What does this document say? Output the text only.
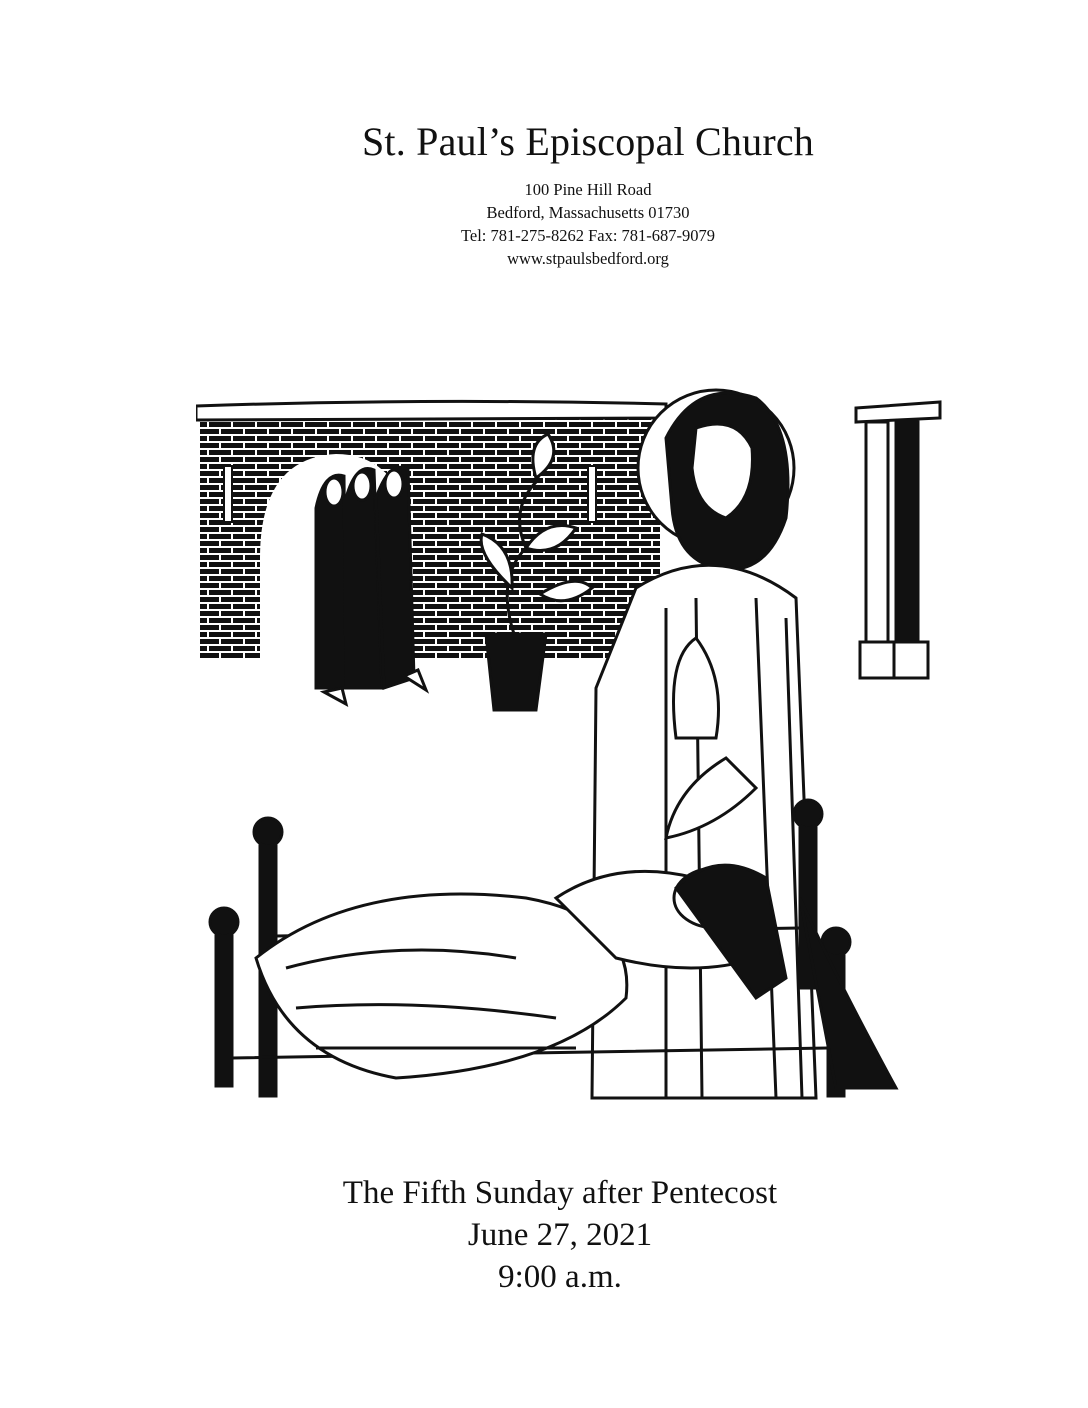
St. Paul’s Episcopal Church
100 Pine Hill Road
Bedford, Massachusetts 01730
Tel: 781-275-8262 Fax: 781-687-9079
www.stpaulsbedford.org
The Fifth Sunday after Pentecost
June 27, 2021
9:00 a.m.
